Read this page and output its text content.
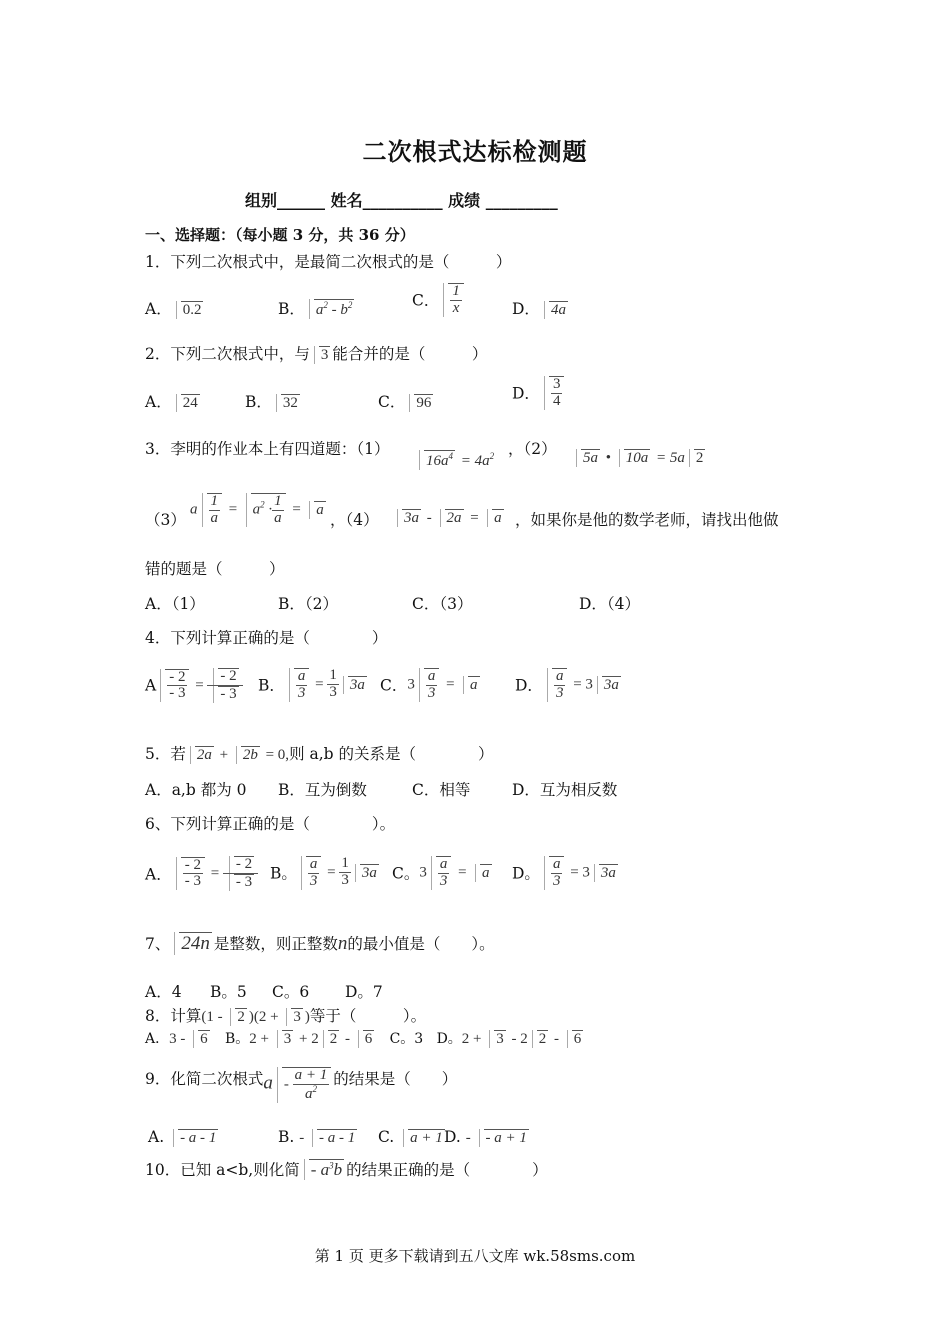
二次根式达标检测题
组别______ 姓名__________ 成绩 _________
一、选择题：（每小题 3 分，共 36 分）
1．下列二次根式中，是最简二次根式的是（　　　）
A． 0.2	B． $a^2 - b^2$	C． $\frac{1}{x}$	D． 4a
2．下列二次根式中，与 3 能合并的是（　　　）
A． 24	B． 32	C． 96
D． $\frac{3}{4}$
3．李明的作业本上有四道题：（1）
$16a^4 = 4a^2$ ，（2）	5a • 10a = 5a 2
（3）
a $\frac{1}{a} = a^2 \cdot \frac{1}{a} = a$
，（4）	3a - 2a = a ，如果你是他的数学老师，请找出他做
错的题是（　　　）
A．（1）	B．（2）	C．（3）	D．（4）
4．下列计算正确的是（　　　　）
A $\frac{- 2}{- 3} = \frac{- 2}{- 3}$ B． $\frac{a}{3} = \frac{1}{3} 3a$ C．$3 \frac{a}{3} = a$ D． $\frac{a}{3} = 3$ 3a
5．若 2a + 2b = 0,则 a,b 的关系是（　　　　）
A．a,b 都为 0 B．互为倒数	C．相等	D．互为相反数
6、下列计算正确的是（　　　　）。
A． $\frac{- 2}{- 3} = \frac{- 2}{- 3}$ B。 $\frac{a}{3} = \frac{1}{3} 3a$ C。$3 \frac{a}{3} = a$ D。 $\frac{a}{3} = 3$ 3a
7、 24n 是整数，则正整数n的最小值是（　　）。
A．4 B。5 C。6 D。7
8．计算(1 - 2 )(2 + 3 )等于（　　　）。
A．3 - 6 B。2 + 3 + 2 2 - 6 C。3 D。2 + 3 - 2 2 - 6
9．化简二次根式a - $\frac{a + 1}{a^2}$ 的结果是（　　）
A. - a - 1	B. - - a - 1 C. a + 1 D. - - a + 1
10．已知 a<b,则化简 - $a^3b$ 的结果正确的是（　　　　）
第 1 页 更多下载请到五八文库 wk.58sms.com
